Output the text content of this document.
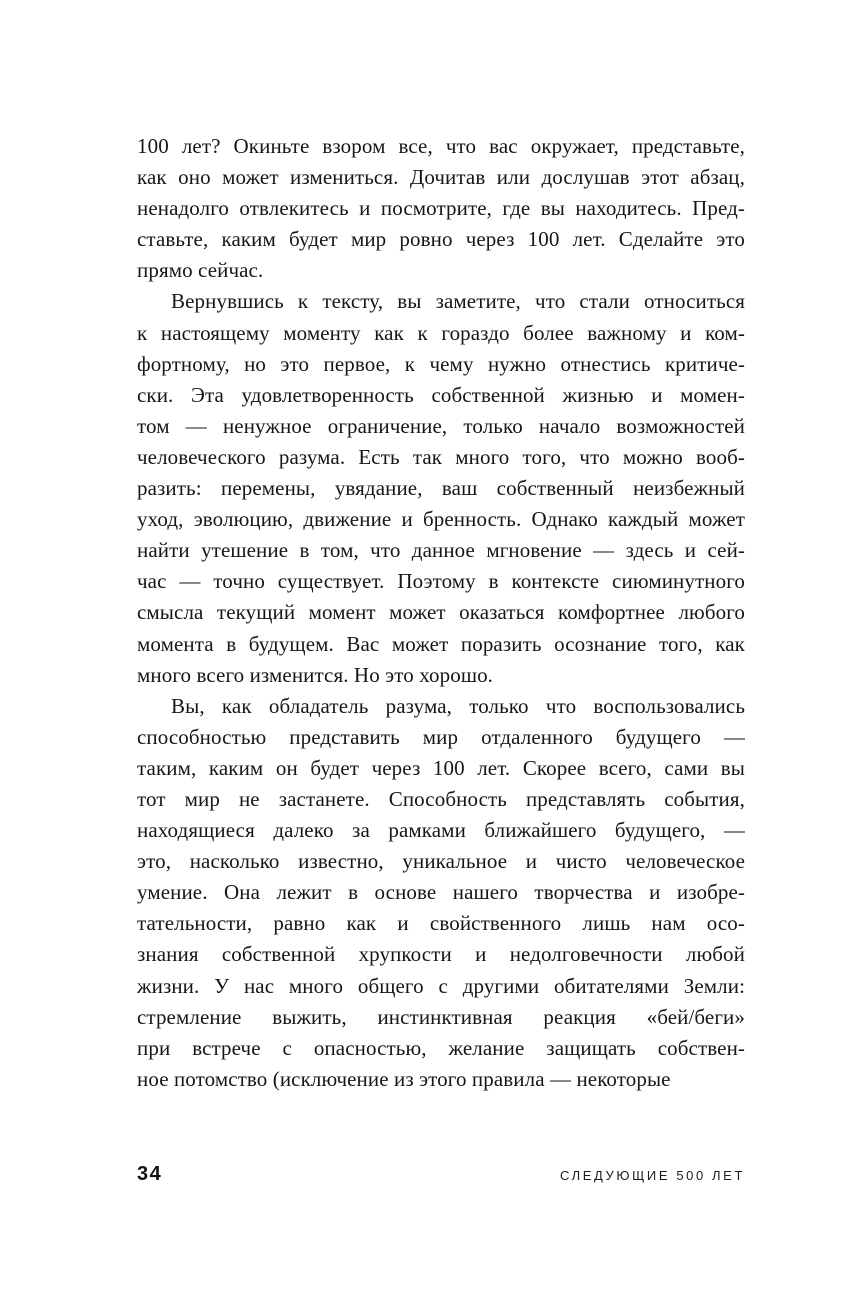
100 лет? Окиньте взором все, что вас окружает, представьте,
как оно может измениться. Дочитав или дослушав этот абзац,
ненадолго отвлекитесь и посмотрите, где вы находитесь. Пред-
ставьте, каким будет мир ровно через 100 лет. Сделайте это
прямо сейчас.
Вернувшись к тексту, вы заметите, что стали относиться
к настоящему моменту как к гораздо более важному и ком-
фортному, но это первое, к чему нужно отнестись критиче-
ски. Эта удовлетворенность собственной жизнью и момен-
том — ненужное ограничение, только начало возможностей
человеческого разума. Есть так много того, что можно вооб-
разить: перемены, увядание, ваш собственный неизбежный
уход, эволюцию, движение и бренность. Однако каждый может
найти утешение в том, что данное мгновение — здесь и сей-
час — точно существует. Поэтому в контексте сиюминутного
смысла текущий момент может оказаться комфортнее любого
момента в будущем. Вас может поразить осознание того, как
много всего изменится. Но это хорошо.
Вы, как обладатель разума, только что воспользовались
способностью представить мир отдаленного будущего —
таким, каким он будет через 100 лет. Скорее всего, сами вы
тот мир не застанете. Способность представлять события,
находящиеся далеко за рамками ближайшего будущего, —
это, насколько известно, уникальное и чисто человеческое
умение. Она лежит в основе нашего творчества и изобре-
тательности, равно как и свойственного лишь нам осо-
знания собственной хрупкости и недолговечности любой
жизни. У нас много общего с другими обитателями Земли:
стремление выжить, инстинктивная реакция «бей/беги»
при встрече с опасностью, желание защищать собствен-
ное потомство (исключение из этого правила — некоторые
34	СЛЕДУЮЩИЕ 500 ЛЕТ
